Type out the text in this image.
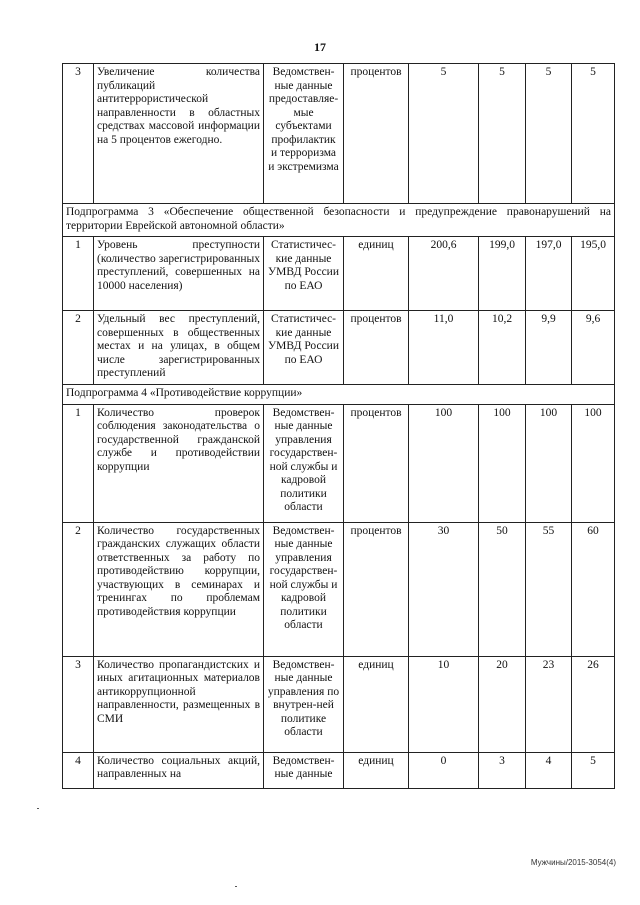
17
3	Увеличение количества публикаций антитеррористической направленности в областных средствах массовой информации на 5 процентов ежегодно.	Ведомствен-ные данные предоставляе-мые субъектами профилактик и терроризма и экстремизма	процентов	5	5	5	5
Подпрограмма 3 «Обеспечение общественной безопасности и предупреждение правонарушений на территории Еврейской автономной области»							
1	Уровень преступности (количество зарегистрированных преступлений, совершенных на 10000 населения)	Статистичес-кие данные УМВД России по ЕАО	единиц	200,6	199,0	197,0	195,0
2	Удельный вес преступлений, совершенных в общественных местах и на улицах, в общем числе зарегистрированных преступлений	Статистичес-кие данные УМВД России по ЕАО	процентов	11,0	10,2	9,9	9,6
Подпрограмма 4 «Противодействие коррупции»							
1	Количество проверок соблюдения законодательства о государственной гражданской службе и противодействии коррупции	Ведомствен-ные данные управления государствен-ной службы и кадровой политики области	процентов	100	100	100	100
2	Количество государственных гражданских служащих области ответственных за работу по противодействию коррупции, участвующих в семинарах и тренингах по проблемам противодействия коррупции	Ведомствен-ные данные управления государствен-ной службы и кадровой политики области	процентов	30	50	55	60
3	Количество пропагандистских и иных агитационных материалов антикоррупционной направленности, размещенных в СМИ	Ведомствен-ные данные управления по внутрен-ней политике области	единиц	10	20	23	26
4	Количество социальных акций, направленных на	Ведомствен-ные данные	единиц	0	3	4	5
Мужчины/2015-3054(4)
